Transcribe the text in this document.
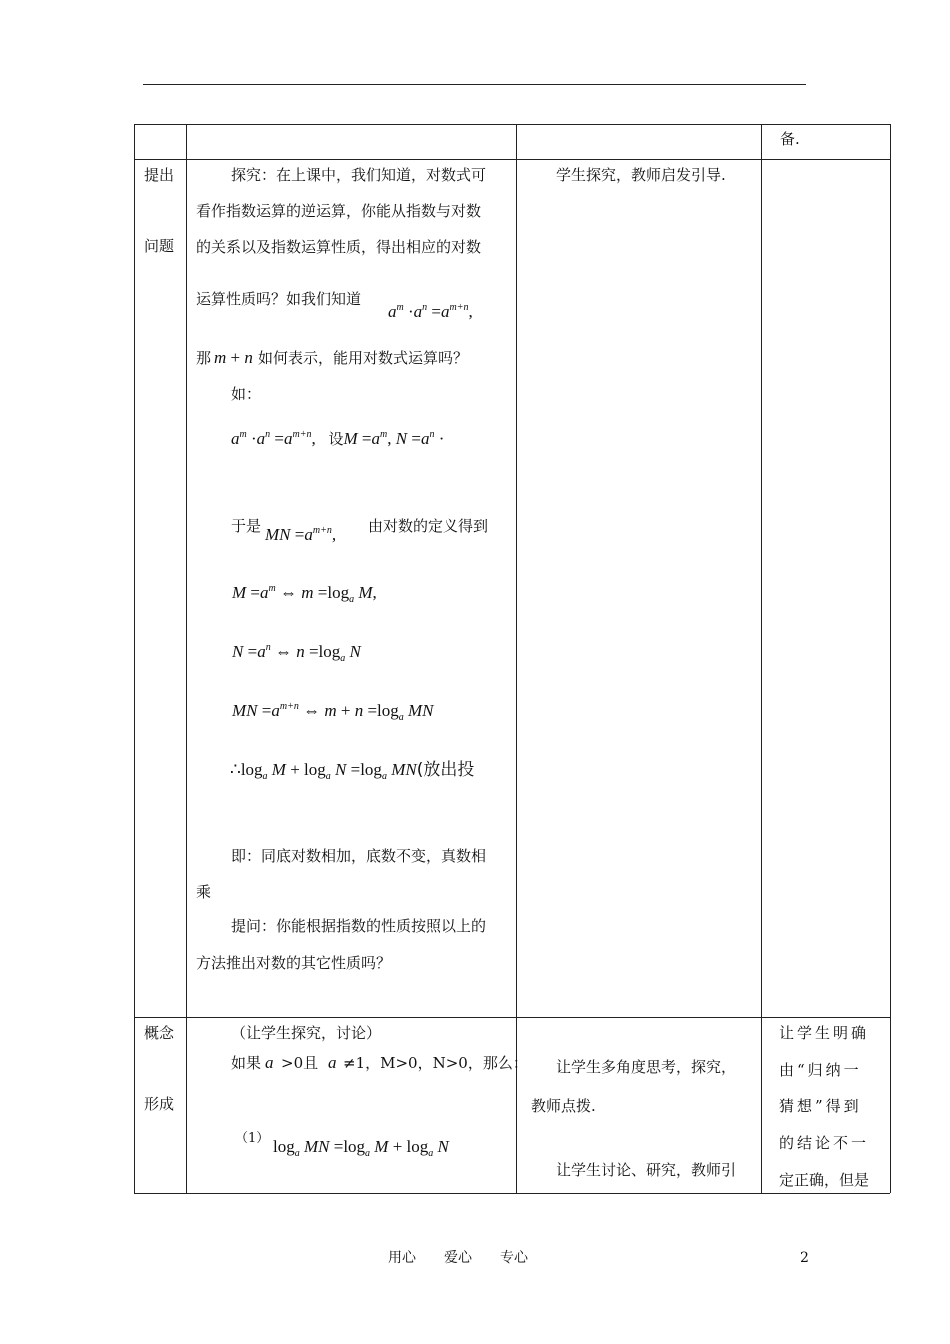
备.
提出
问题
探究：在上课中，我们知道，对数式可
看作指数运算的逆运算，你能从指数与对数
的关系以及指数运算性质，得出相应的对数
运算性质吗？如我们知道
$a^m \cdot a^n =a^{m+n}$,
那 m + n 如何表示，能用对数式运算吗？
如：
$a^m \cdot a^n =a^{m+n}$,   设$M =a^m$, $N =a^n$ ·
于是 MN $=a^{m+n}$, 由对数的定义得到
$M =a^m$ ⇔ $m =\log_a$ M,
$N =a^n$ ⇔ $n =\log_a$ N
MN $=a^{m+n}$ ⇔ $m + n =\log_a$ MN
$\therefore\log_a$ $M + \log_a N =\log_a$ MN(放出投
即：同底对数相加，底数不变，真数相
乘
提问：你能根据指数的性质按照以上的
方法推出对数的其它性质吗？
学生探究，教师启发引导.
概念
形成
（让学生探究，讨论）
如果 a >0且 a ≠1，M>0，N>0，那么：
（1） $\log_a$ MN $=\log_a$ $M + \log_a N$
让学生多角度思考，探究，
教师点拨.
让学生讨论、研究，教师引
让学生明确
由“归纳一
猜想”得到
的结论不一
定正确，但是
用心　　爱心　　专心	2
